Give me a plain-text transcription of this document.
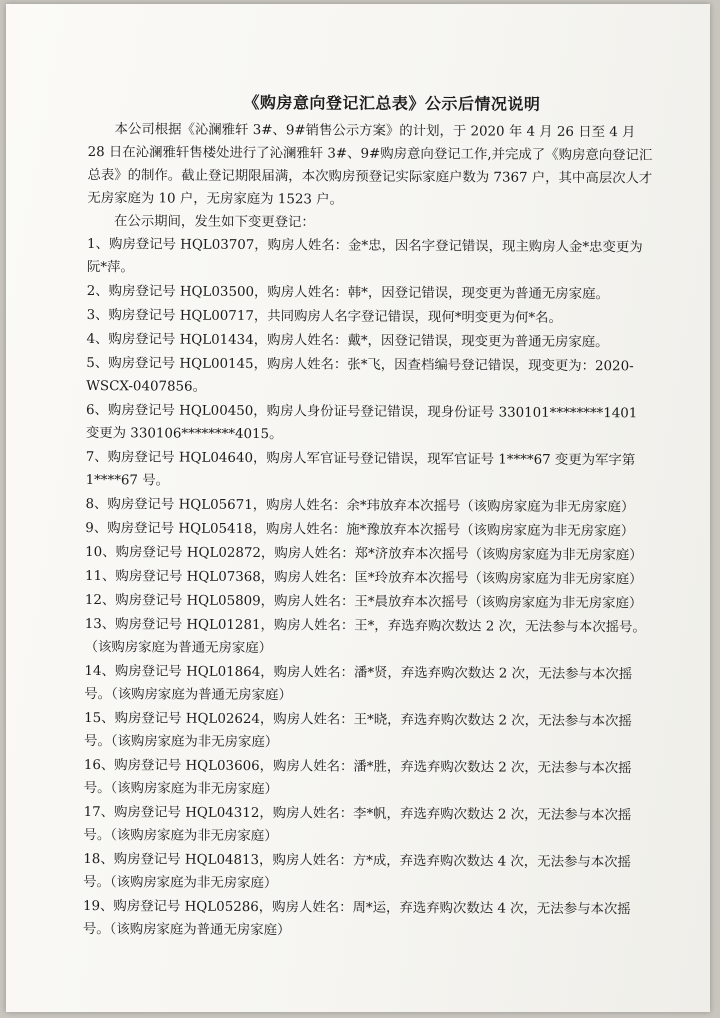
《购房意向登记汇总表》公示后情况说明

本公司根据《沁澜雅轩 3#、9#销售公示方案》的计划，于 2020 年 4 月 26 日至 4 月 28 日在沁澜雅轩售楼处进行了沁澜雅轩 3#、9#购房意向登记工作,并完成了《购房意向登记汇总表》的制作。截止登记期限届满，本次购房预登记实际家庭户数为 7367 户，其中高层次人才无房家庭为 10 户，无房家庭为 1523 户。

在公示期间，发生如下变更登记：

1、购房登记号 HQL03707，购房人姓名：金*忠，因名字登记错误，现主购房人金*忠变更为阮*萍。

2、购房登记号 HQL03500，购房人姓名：韩*，因登记错误，现变更为普通无房家庭。

3、购房登记号 HQL00717，共同购房人名字登记错误，现何*明变更为何*名。

4、购房登记号 HQL01434，购房人姓名：戴*，因登记错误，现变更为普通无房家庭。

5、购房登记号 HQL00145，购房人姓名：张*飞，因查档编号登记错误，现变更为：2020-WSCX-0407856。

6、购房登记号 HQL00450，购房人身份证号登记错误，现身份证号 330101********1401 变更为 330106********4015。

7、购房登记号 HQL04640，购房人军官证号登记错误，现军官证号 1****67 变更为军字第1****67 号。

8、购房登记号 HQL05671，购房人姓名：余*玮放弃本次摇号（该购房家庭为非无房家庭）

9、购房登记号 HQL05418，购房人姓名：施*豫放弃本次摇号（该购房家庭为非无房家庭）

10、购房登记号 HQL02872，购房人姓名：郑*济放弃本次摇号（该购房家庭为非无房家庭）

11、购房登记号 HQL07368，购房人姓名：匡*玲放弃本次摇号（该购房家庭为非无房家庭）

12、购房登记号 HQL05809，购房人姓名：王*晨放弃本次摇号（该购房家庭为非无房家庭）

13、购房登记号 HQL01281，购房人姓名：王*，弃选弃购次数达 2 次，无法参与本次摇号。（该购房家庭为普通无房家庭）

14、购房登记号 HQL01864，购房人姓名：潘*贤，弃选弃购次数达 2 次，无法参与本次摇号。（该购房家庭为普通无房家庭）

15、购房登记号 HQL02624，购房人姓名：王*晓，弃选弃购次数达 2 次，无法参与本次摇号。（该购房家庭为非无房家庭）

16、购房登记号 HQL03606，购房人姓名：潘*胜，弃选弃购次数达 2 次，无法参与本次摇号。（该购房家庭为非无房家庭）

17、购房登记号 HQL04312，购房人姓名：李*帆，弃选弃购次数达 2 次，无法参与本次摇号。（该购房家庭为非无房家庭）

18、购房登记号 HQL04813，购房人姓名：方*成，弃选弃购次数达 4 次，无法参与本次摇号。（该购房家庭为非无房家庭）

19、购房登记号 HQL05286，购房人姓名：周*运，弃选弃购次数达 4 次，无法参与本次摇号。（该购房家庭为普通无房家庭）
